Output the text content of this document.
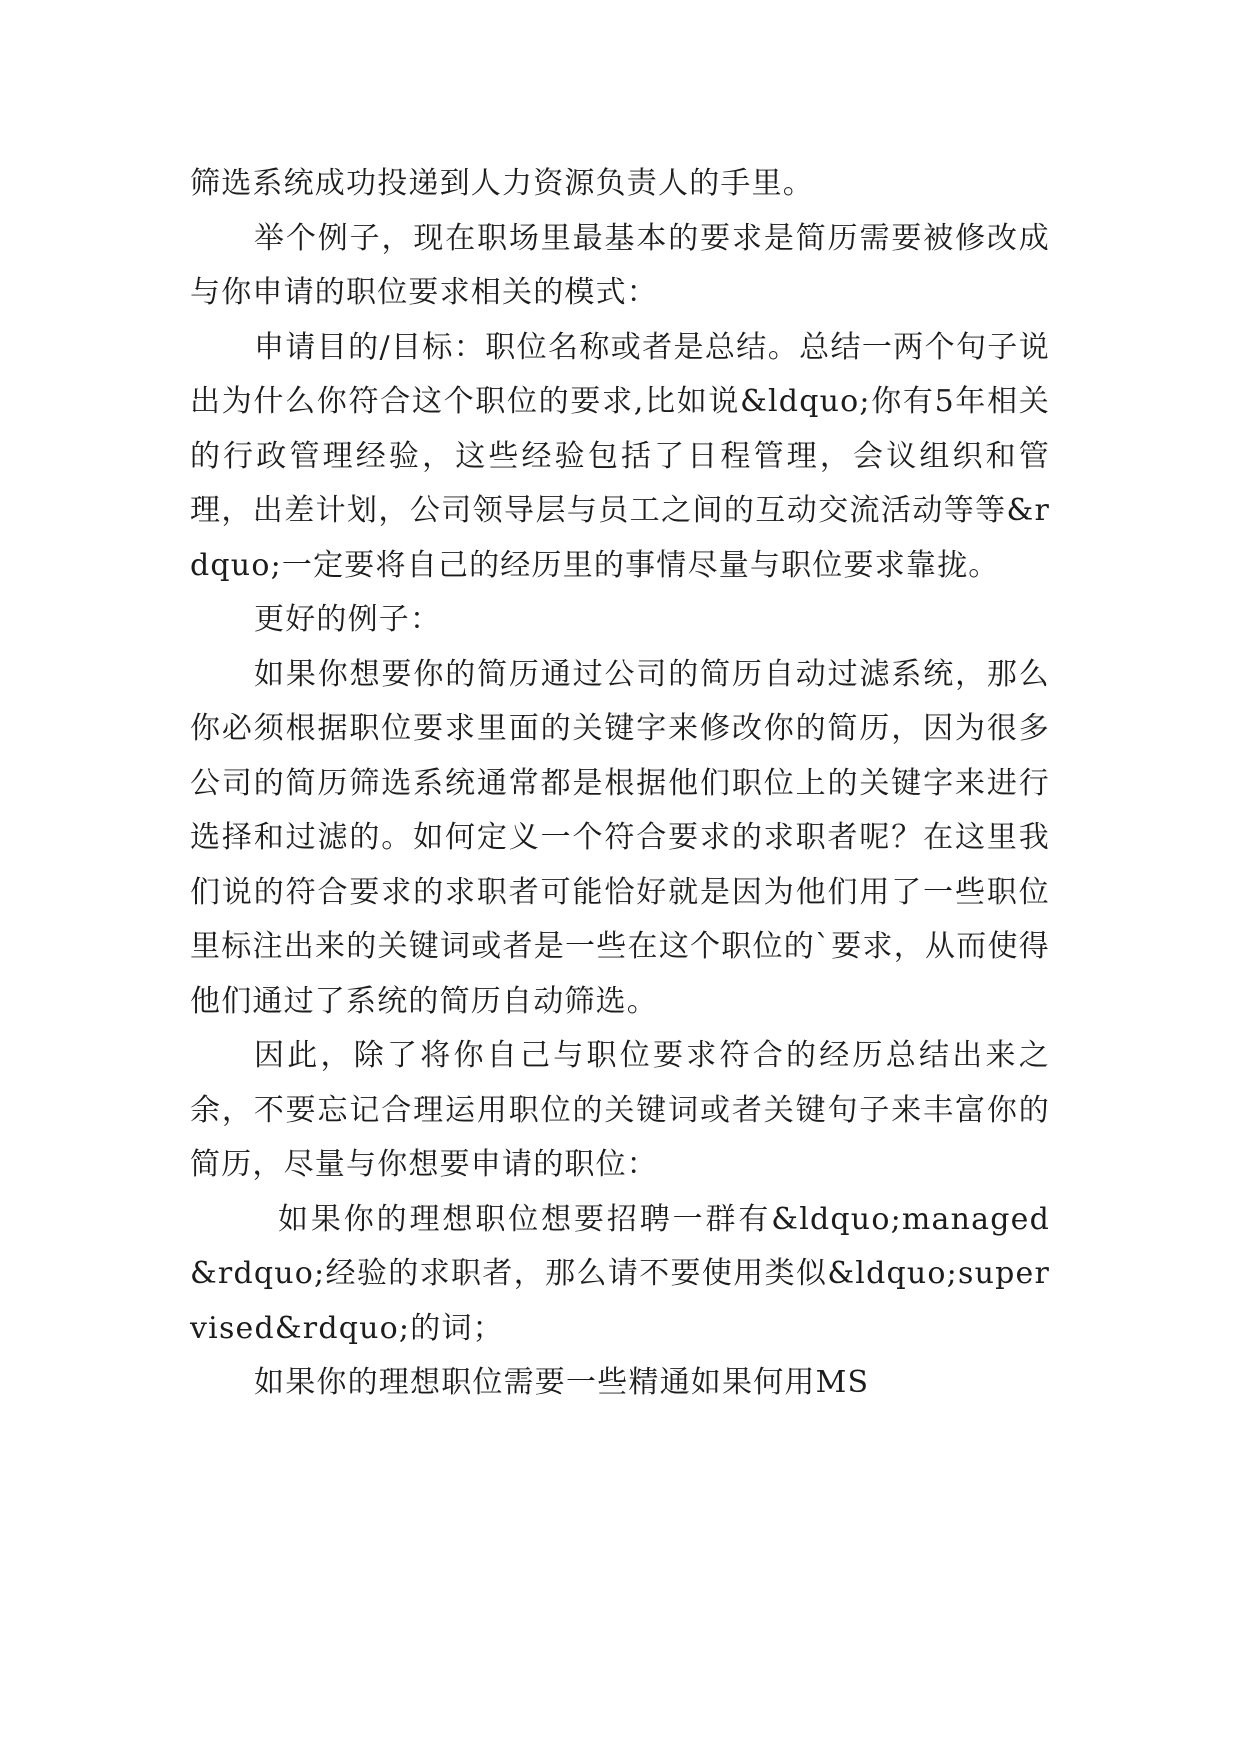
筛选系统成功投递到人力资源负责人的手里。

举个例子，现在职场里最基本的要求是简历需要被修改成与你申请的职位要求相关的模式：

申请目的/目标：职位名称或者是总结。总结一两个句子说出为什么你符合这个职位的要求,比如说&ldquo;你有5年相关的行政管理经验，这些经验包括了日程管理，会议组织和管理，出差计划，公司领导层与员工之间的互动交流活动等等&rdquo;一定要将自己的经历里的事情尽量与职位要求靠拢。

更好的例子：

如果你想要你的简历通过公司的简历自动过滤系统，那么你必须根据职位要求里面的关键字来修改你的简历，因为很多公司的简历筛选系统通常都是根据他们职位上的关键字来进行选择和过滤的。如何定义一个符合要求的求职者呢？在这里我们说的符合要求的求职者可能恰好就是因为他们用了一些职位里标注出来的关键词或者是一些在这个职位的`要求，从而使得他们通过了系统的简历自动筛选。

因此，除了将你自己与职位要求符合的经历总结出来之余，不要忘记合理运用职位的关键词或者关键句子来丰富你的简历，尽量与你想要申请的职位：

如果你的理想职位想要招聘一群有&ldquo;managed&rdquo;经验的求职者，那么请不要使用类似&ldquo;supervised&rdquo;的词；

如果你的理想职位需要一些精通如果何用MS
